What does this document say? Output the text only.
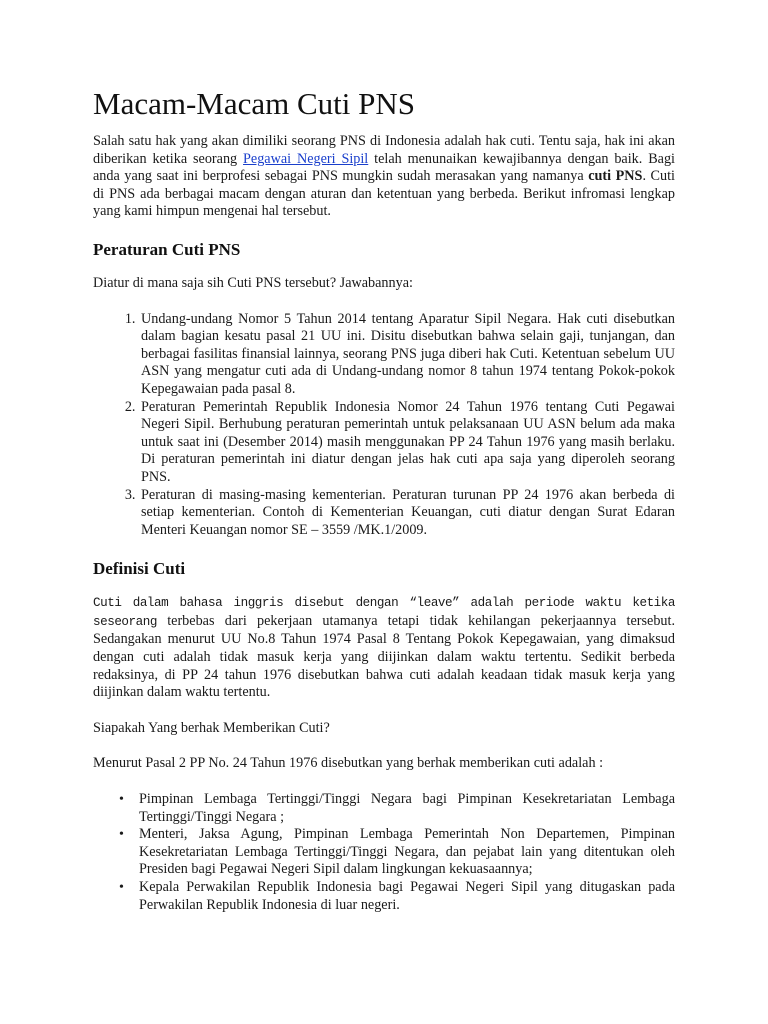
Macam-Macam Cuti PNS

Salah satu hak yang akan dimiliki seorang PNS di Indonesia adalah hak cuti. Tentu saja, hak ini akan diberikan ketika seorang Pegawai Negeri Sipil telah menunaikan kewajibannya dengan baik. Bagi anda yang saat ini berprofesi sebagai PNS mungkin sudah merasakan yang namanya cuti PNS. Cuti di PNS ada berbagai macam dengan aturan dan ketentuan yang berbeda. Berikut infromasi lengkap yang kami himpun mengenai hal tersebut.

Peraturan Cuti PNS

Diatur di mana saja sih Cuti PNS tersebut? Jawabannya:

1. Undang-undang Nomor 5 Tahun 2014 tentang Aparatur Sipil Negara. Hak cuti disebutkan dalam bagian kesatu pasal 21 UU ini. Disitu disebutkan bahwa selain gaji, tunjangan, dan berbagai fasilitas finansial lainnya, seorang PNS juga diberi hak Cuti. Ketentuan sebelum UU ASN yang mengatur cuti ada di Undang-undang nomor 8 tahun 1974 tentang Pokok-pokok Kepegawaian pada pasal 8.
2. Peraturan Pemerintah Republik Indonesia Nomor 24 Tahun 1976 tentang Cuti Pegawai Negeri Sipil. Berhubung peraturan pemerintah untuk pelaksanaan UU ASN belum ada maka untuk saat ini (Desember 2014) masih menggunakan PP 24 Tahun 1976 yang masih berlaku. Di peraturan pemerintah ini diatur dengan jelas hak cuti apa saja yang diperoleh seorang PNS.
3. Peraturan di masing-masing kementerian. Peraturan turunan PP 24 1976 akan berbeda di setiap kementerian. Contoh di Kementerian Keuangan, cuti diatur dengan Surat Edaran Menteri Keuangan nomor SE – 3559 /MK.1/2009.
Definisi Cuti

Cuti dalam bahasa inggris disebut dengan “leave” adalah periode waktu ketika seseorang terbebas dari pekerjaan utamanya tetapi tidak kehilangan pekerjaannya tersebut. Sedangakan menurut UU No.8 Tahun 1974 Pasal 8 Tentang Pokok Kepegawaian, yang dimaksud dengan cuti adalah tidak masuk kerja yang diijinkan dalam waktu tertentu. Sedikit berbeda redaksinya, di PP 24 tahun 1976 disebutkan bahwa cuti adalah keadaan tidak masuk kerja yang diijinkan dalam waktu tertentu.

Siapakah Yang berhak Memberikan Cuti?

Menurut Pasal 2 PP No. 24 Tahun 1976 disebutkan yang berhak memberikan cuti adalah :

• Pimpinan Lembaga Tertinggi/Tinggi Negara bagi Pimpinan Kesekretariatan Lembaga Tertinggi/Tinggi Negara ;
• Menteri, Jaksa Agung, Pimpinan Lembaga Pemerintah Non Departemen, Pimpinan Kesekretariatan Lembaga Tertinggi/Tinggi Negara, dan pejabat lain yang ditentukan oleh Presiden bagi Pegawai Negeri Sipil dalam lingkungan kekuasaannya;
• Kepala Perwakilan Republik Indonesia bagi Pegawai Negeri Sipil yang ditugaskan pada Perwakilan Republik Indonesia di luar negeri.
